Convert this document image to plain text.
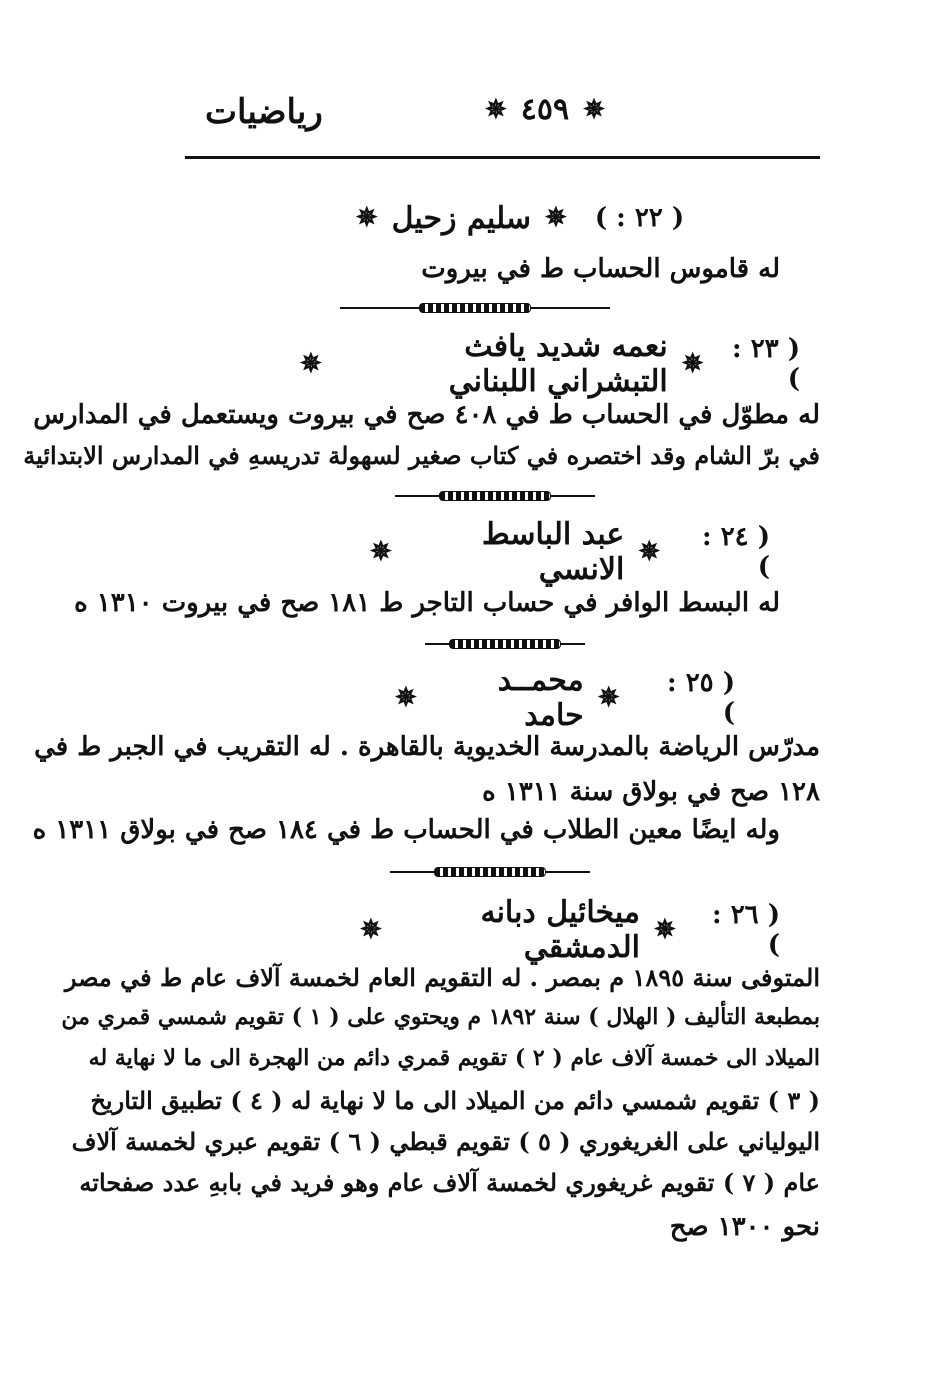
رياضيات	✵
٤٥٩
✵
( ٢٢ : )
✵
سليم زحيل
✵
له قاموس الحساب ط في بيروت
( ٢٣ : )
✵
نعمه شديد يافث التبشراني اللبناني
✵
له مطوّل في الحساب ط في ٤٠٨ صح في بيروت ويستعمل في المدارس
في برّ الشام وقد اختصره في كتاب صغير لسهولة تدريسهِ في المدارس الابتدائية
( ٢٤ : )
✵
عبد الباسط الانسي
✵
له البسط الوافر في حساب التاجر ط ١٨١ صح في بيروت ١٣١٠ ه
( ٢٥ : )
✵
محمــد حامد
✵
مدرّس الرياضة بالمدرسة الخديوية بالقاهرة . له التقريب في الجبر ط في
١٢٨ صح في بولاق سنة ١٣١١ ه
وله ايضًا معين الطلاب في الحساب ط في ١٨٤ صح في بولاق ١٣١١ ه
( ٢٦ : )
✵
ميخائيل دبانه الدمشقي
✵
المتوفى سنة ١٨٩٥ م بمصر . له التقويم العام لخمسة آلاف عام ط في مصر
بمطبعة التأليف ( الهلال ) سنة ١٨٩٢ م ويحتوي على ( ١ ) تقويم شمسي قمري من
الميلاد الى خمسة آلاف عام ( ٢ ) تقويم قمري دائم من الهجرة الى ما لا نهاية له
( ٣ ) تقويم شمسي دائم من الميلاد الى ما لا نهاية له ( ٤ ) تطبيق التاريخ
اليولياني على الغريغوري ( ٥ ) تقويم قبطي ( ٦ ) تقويم عبري لخمسة آلاف
عام ( ٧ ) تقويم غريغوري لخمسة آلاف عام وهو فريد في بابهِ عدد صفحاته
نحو ١٣٠٠ صح
